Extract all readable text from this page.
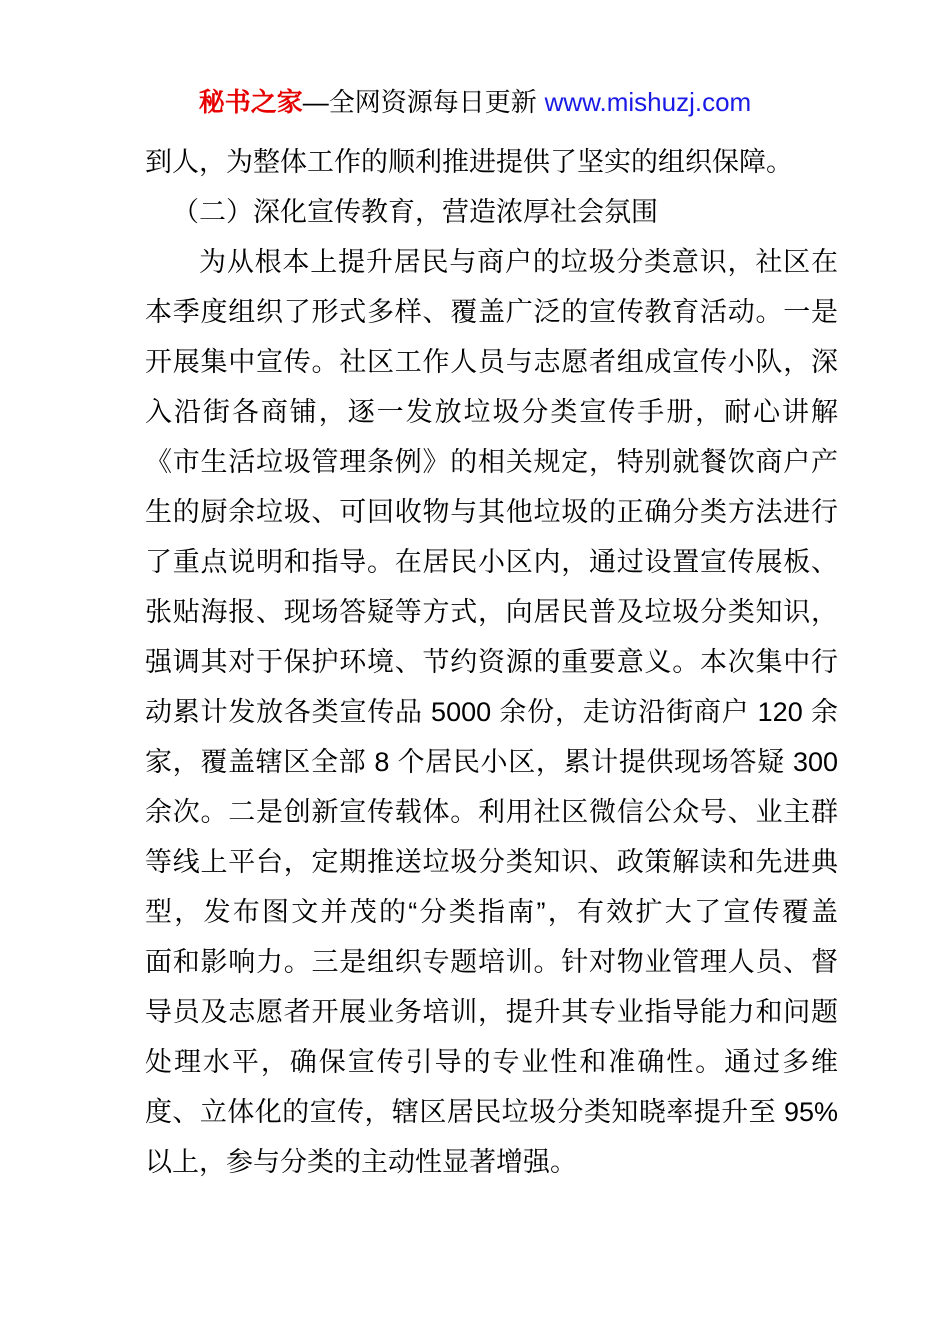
秘书之家—全网资源每日更新 www.mishuzj.com
到人，为整体工作的顺利推进提供了坚实的组织保障。
（二）深化宣传教育，营造浓厚社会氛围
为从根本上提升居民与商户的垃圾分类意识，社区在
本季度组织了形式多样、覆盖广泛的宣传教育活动。一是
开展集中宣传。社区工作人员与志愿者组成宣传小队，深
入沿街各商铺，逐一发放垃圾分类宣传手册，耐心讲解
《市生活垃圾管理条例》的相关规定，特别就餐饮商户产
生的厨余垃圾、可回收物与其他垃圾的正确分类方法进行
了重点说明和指导。在居民小区内，通过设置宣传展板、
张贴海报、现场答疑等方式，向居民普及垃圾分类知识，
强调其对于保护环境、节约资源的重要意义。本次集中行
动累计发放各类宣传品 5000 余份，走访沿街商户 120 余
家，覆盖辖区全部 8 个居民小区，累计提供现场答疑 300
余次。二是创新宣传载体。利用社区微信公众号、业主群
等线上平台，定期推送垃圾分类知识、政策解读和先进典
型，发布图文并茂的“分类指南”，有效扩大了宣传覆盖
面和影响力。三是组织专题培训。针对物业管理人员、督
导员及志愿者开展业务培训，提升其专业指导能力和问题
处理水平，确保宣传引导的专业性和准确性。通过多维
度、立体化的宣传，辖区居民垃圾分类知晓率提升至 95%
以上，参与分类的主动性显著增强。
